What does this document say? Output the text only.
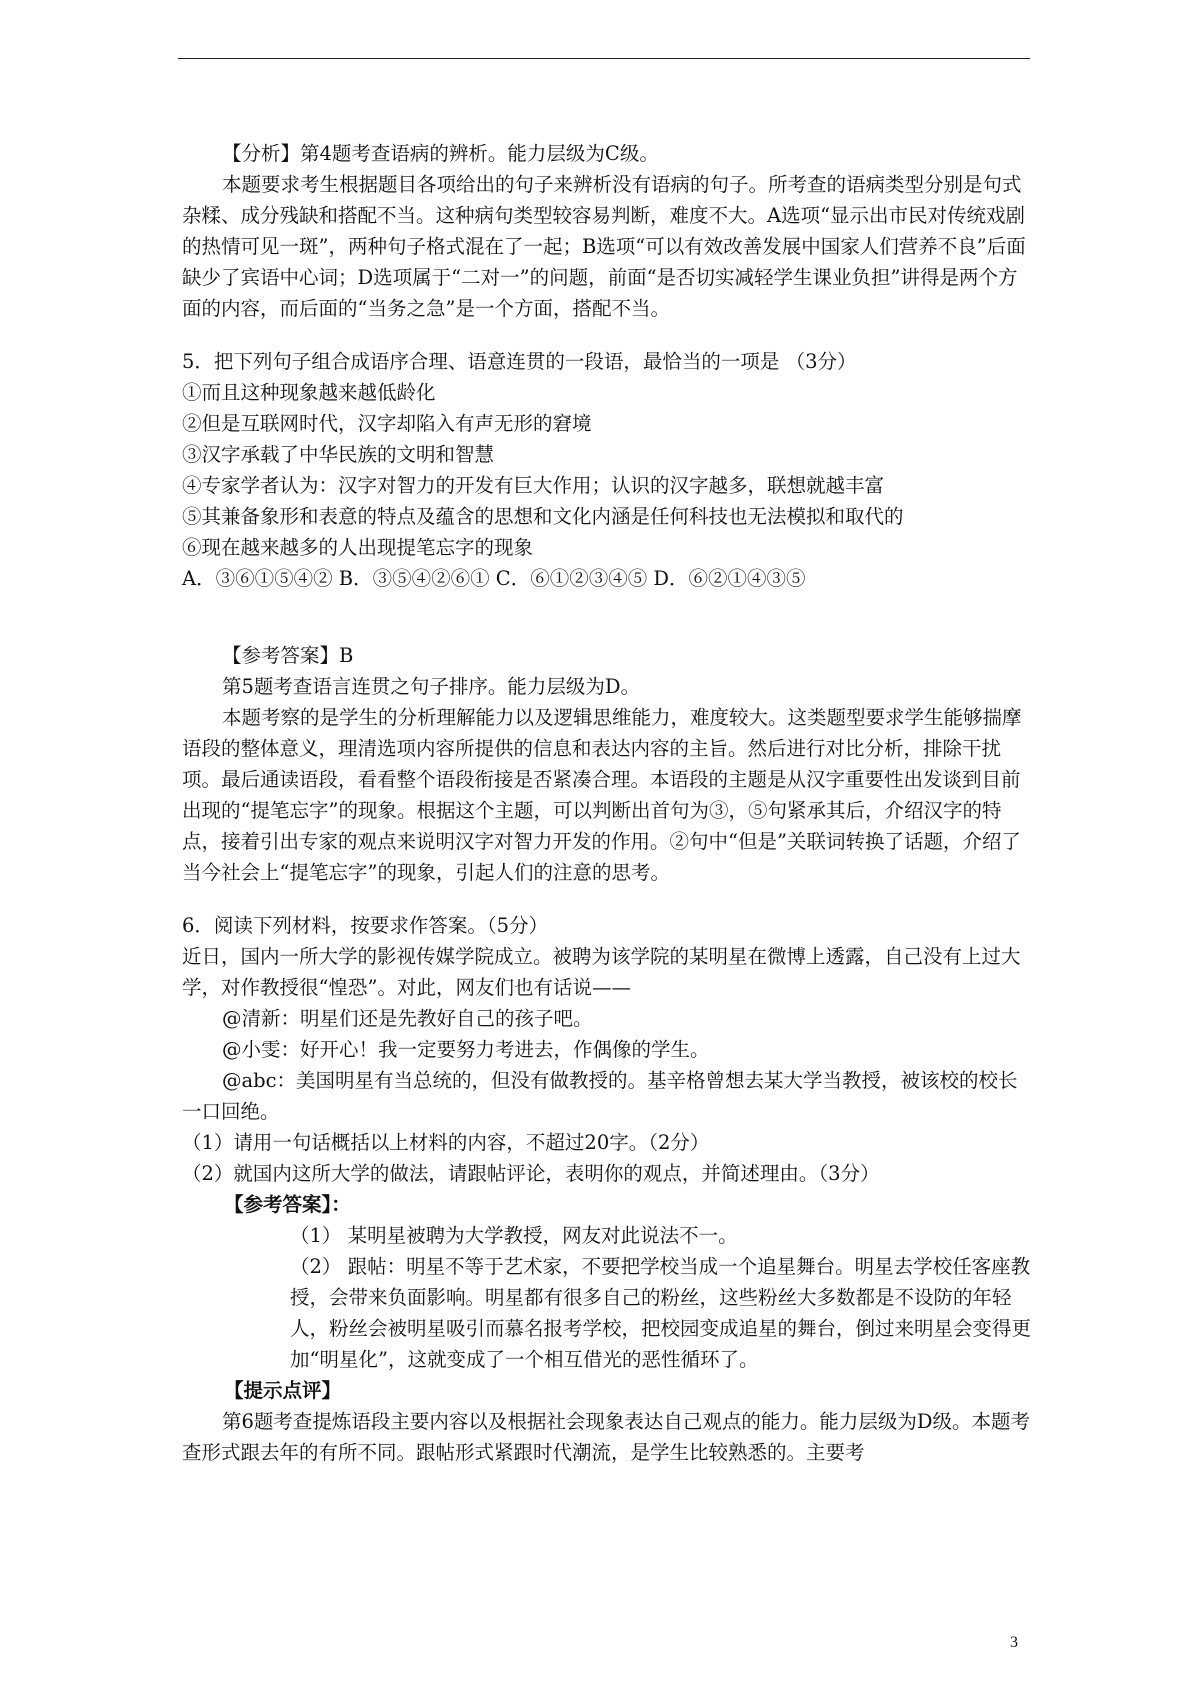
【分析】第4题考查语病的辨析。能力层级为C级。

本题要求考生根据题目各项给出的句子来辨析没有语病的句子。所考查的语病类型分别是句式杂糅、成分残缺和搭配不当。这种病句类型较容易判断，难度不大。A选项“显示出市民对传统戏剧的热情可见一斑”，两种句子格式混在了一起；B选项“可以有效改善发展中国家人们营养不良”后面缺少了宾语中心词；D选项属于“二对一”的问题，前面“是否切实减轻学生课业负担”讲得是两个方面的内容，而后面的“当务之急”是一个方面，搭配不当。

5．把下列句子组合成语序合理、语意连贯的一段语，最恰当的一项是 （3分）

①而且这种现象越来越低龄化

②但是互联网时代，汉字却陷入有声无形的窘境

③汉字承载了中华民族的文明和智慧

④专家学者认为：汉字对智力的开发有巨大作用；认识的汉字越多，联想就越丰富

⑤其兼备象形和表意的特点及蕴含的思想和文化内涵是任何科技也无法模拟和取代的

⑥现在越来越多的人出现提笔忘字的现象

A．③⑥①⑤④② B．③⑤④②⑥① C．⑥①②③④⑤ D．⑥②①④③⑤

【参考答案】B

第5题考查语言连贯之句子排序。能力层级为D。

本题考察的是学生的分析理解能力以及逻辑思维能力，难度较大。这类题型要求学生能够揣摩语段的整体意义，理清选项内容所提供的信息和表达内容的主旨。然后进行对比分析，排除干扰项。最后通读语段，看看整个语段衔接是否紧凑合理。本语段的主题是从汉字重要性出发谈到目前出现的“提笔忘字”的现象。根据这个主题，可以判断出首句为③，⑤句紧承其后，介绍汉字的特点，接着引出专家的观点来说明汉字对智力开发的作用。②句中“但是”关联词转换了话题，介绍了当今社会上“提笔忘字”的现象，引起人们的注意的思考。

6．阅读下列材料，按要求作答案。（5分）

近日，国内一所大学的影视传媒学院成立。被聘为该学院的某明星在微博上透露，自己没有上过大学，对作教授很“惶恐”。对此，网友们也有话说——

@清新：明星们还是先教好自己的孩子吧。

@小雯：好开心！我一定要努力考进去，作偶像的学生。

@abc：美国明星有当总统的，但没有做教授的。基辛格曾想去某大学当教授，被该校的校长一口回绝。

（1）请用一句话概括以上材料的内容，不超过20字。（2分）

（2）就国内这所大学的做法，请跟帖评论，表明你的观点，并简述理由。（3分）

【参考答案】：

（1） 某明星被聘为大学教授，网友对此说法不一。

（2） 跟帖：明星不等于艺术家，不要把学校当成一个追星舞台。明星去学校任客座教授，会带来负面影响。明星都有很多自己的粉丝，这些粉丝大多数都是不设防的年轻人，粉丝会被明星吸引而慕名报考学校，把校园变成追星的舞台，倒过来明星会变得更加“明星化”，这就变成了一个相互借光的恶性循环了。

【提示点评】

第6题考查提炼语段主要内容以及根据社会现象表达自己观点的能力。能力层级为D级。本题考查形式跟去年的有所不同。跟帖形式紧跟时代潮流，是学生比较熟悉的。主要考

3
